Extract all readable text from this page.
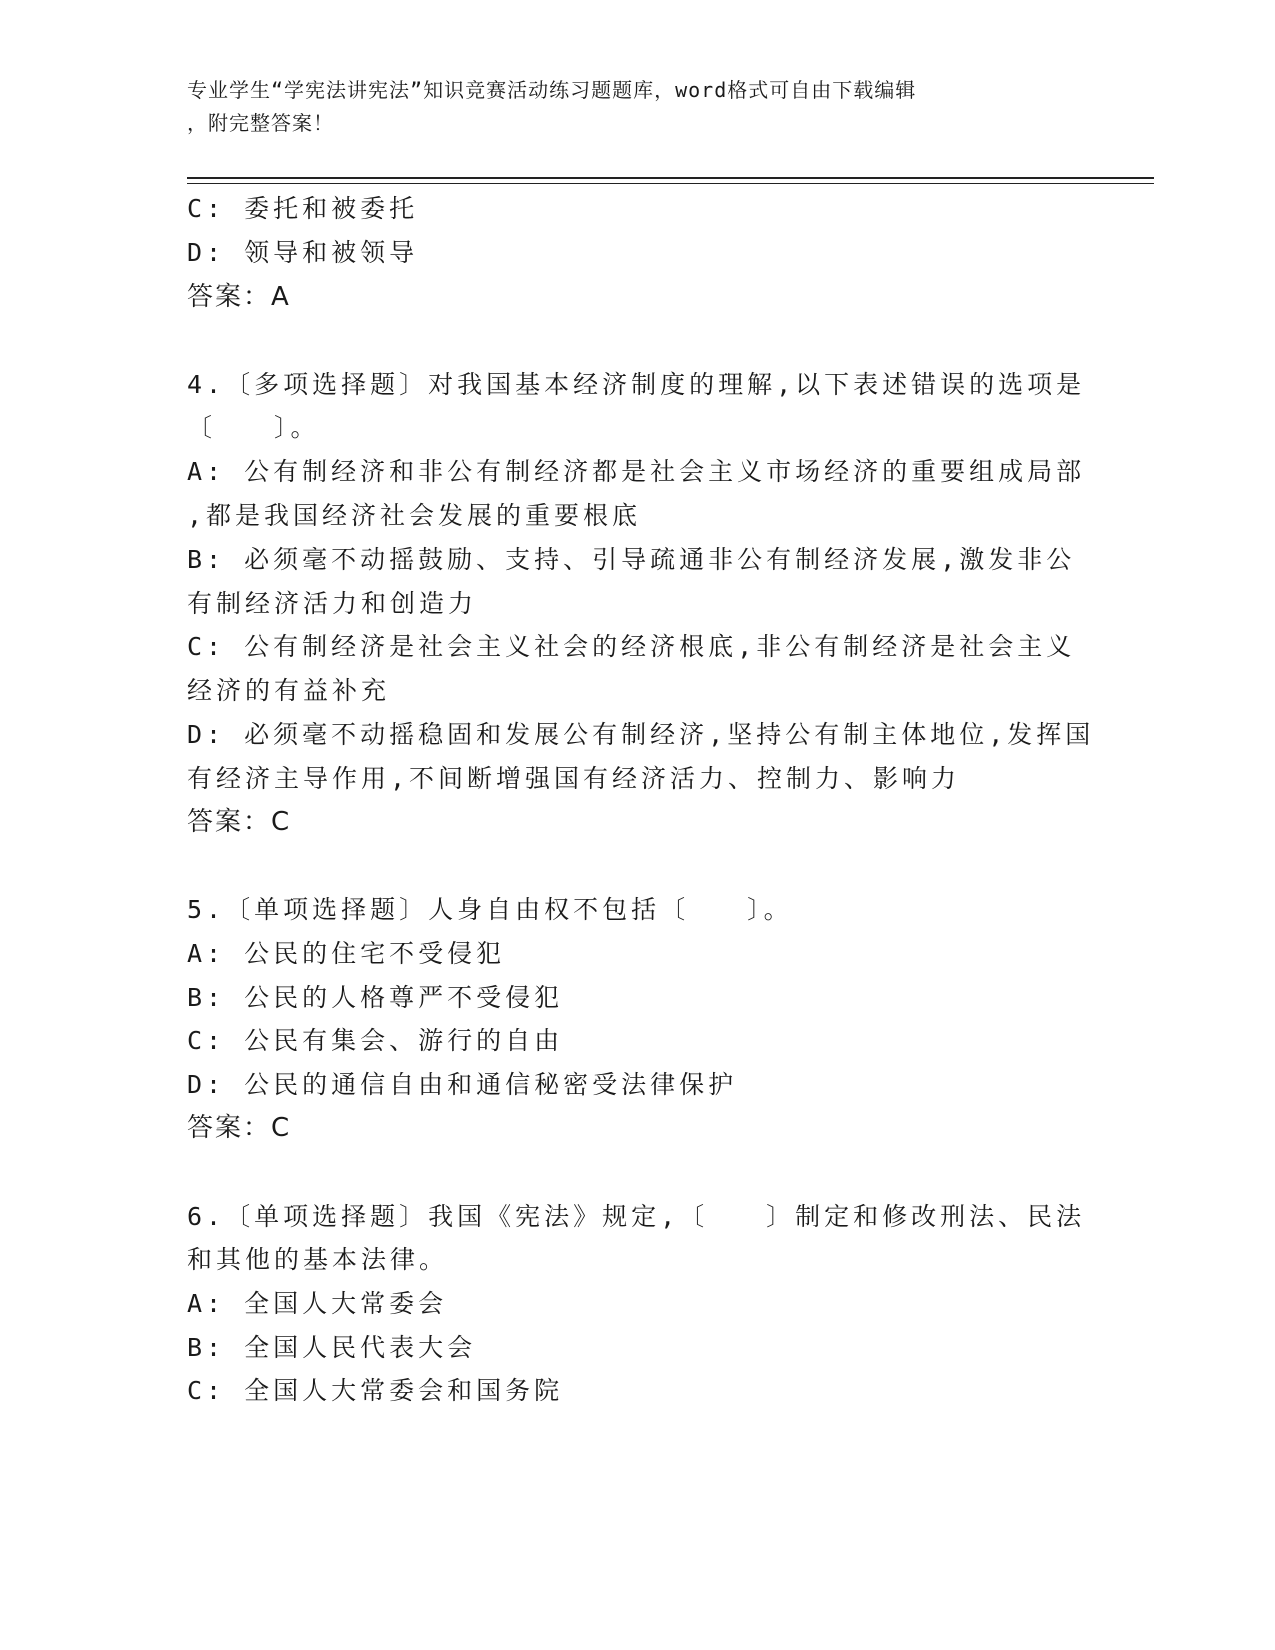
专业学生“学宪法讲宪法”知识竞赛活动练习题题库，word格式可自由下载编辑
，附完整答案！
C: 委托和被委托
D: 领导和被领导
答案：A
4.〔多项选择题〕对我国基本经济制度的理解,以下表述错误的选项是
〔　　〕。
A: 公有制经济和非公有制经济都是社会主义市场经济的重要组成局部
,都是我国经济社会发展的重要根底
B: 必须毫不动摇鼓励、支持、引导疏通非公有制经济发展,激发非公
有制经济活力和创造力
C: 公有制经济是社会主义社会的经济根底,非公有制经济是社会主义
经济的有益补充
D: 必须毫不动摇稳固和发展公有制经济,坚持公有制主体地位,发挥国
有经济主导作用,不间断增强国有经济活力、控制力、影响力
答案：C
5.〔单项选择题〕人身自由权不包括〔　　〕。
A: 公民的住宅不受侵犯
B: 公民的人格尊严不受侵犯
C: 公民有集会、游行的自由
D: 公民的通信自由和通信秘密受法律保护
答案：C
6.〔单项选择题〕我国《宪法》规定,〔　　〕制定和修改刑法、民法
和其他的基本法律。
A: 全国人大常委会
B: 全国人民代表大会
C: 全国人大常委会和国务院
